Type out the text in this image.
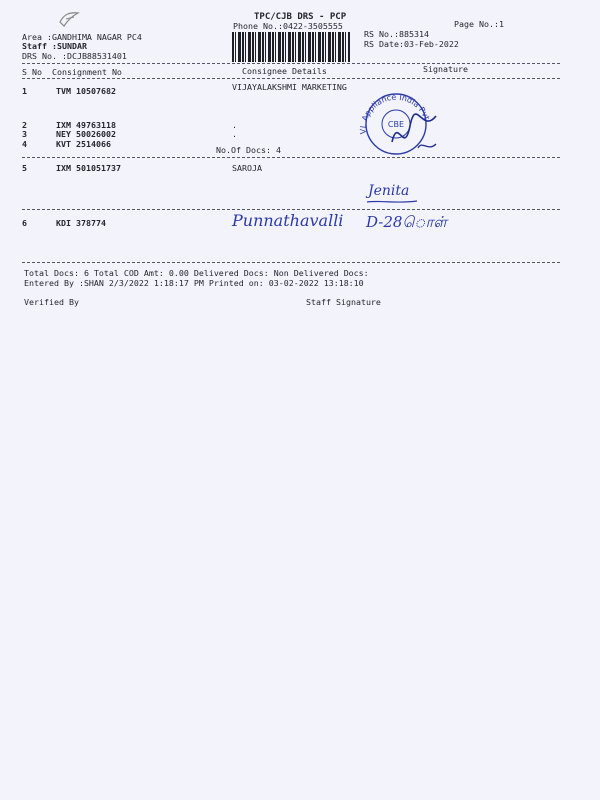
TPC/CJB DRS - PCP
Phone No.:0422-3505555	Page No.:1
Area :GANDHIMA NAGAR PC4
Staff :SUNDAR
DRS No. :DCJB88531401
RS No.:885314
RS Date:03-Feb-2022
S No Consignment No	Consignee Details	Signature
1	TVM 10507682	VIJAYALAKSHMI MARKETING
2	IXM 49763118	.
3	NEY 50026002	.
4	KVT 2514066
No.Of Docs: 4
VL Appliance India Pvt
CBE
5	IXM 501051737	SAROJA
Jenita
6	KDI 378774	Punnathavalli D-28ொள்
Total Docs: 6 Total COD Amt: 0.00 Delivered Docs: Non Delivered Docs:
Entered By :SHAN 2/3/2022 1:18:17 PM Printed on: 03-02-2022 13:18:10
Verified By	Staff Signature
